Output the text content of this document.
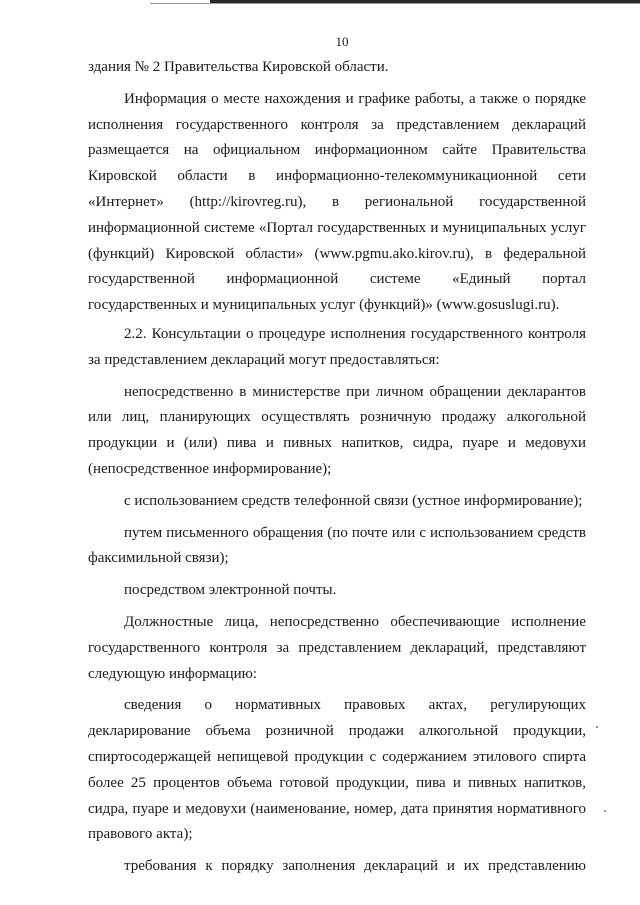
10
здания № 2 Правительства Кировской области.
Информация о месте нахождения и графике работы, а также о порядке
исполнения государственного контроля за представлением деклараций
размещается на официальном информационном сайте Правительства
Кировской области в информационно-телекоммуникационной сети
«Интернет» (http://kirovreg.ru), в региональной государственной
информационной системе «Портал государственных и муниципальных услуг
(функций) Кировской области» (www.pgmu.ako.kirov.ru), в федеральной
государственной информационной системе «Единый портал
государственных и муниципальных услуг (функций)» (www.gosuslugi.ru).
2.2. Консультации о процедуре исполнения государственного контроля
за представлением деклараций могут предоставляться:
непосредственно в министерстве при личном обращении декларантов
или лиц, планирующих осуществлять розничную продажу алкогольной
продукции и (или) пива и пивных напитков, сидра, пуаре и медовухи
(непосредственное информирование);
с использованием средств телефонной связи (устное информирование);
путем письменного обращения (по почте или с использованием средств
факсимильной связи);
посредством электронной почты.
Должностные лица, непосредственно обеспечивающие исполнение
государственного контроля за представлением деклараций, представляют
следующую информацию:
сведения о нормативных правовых актах, регулирующих
декларирование объема розничной продажи алкогольной продукции,
спиртосодержащей непищевой продукции с содержанием этилового спирта
более 25 процентов объема готовой продукции, пива и пивных напитков,
сидра, пуаре и медовухи (наименование, номер, дата принятия нормативного
правового акта);
требования к порядку заполнения деклараций и их представлению
